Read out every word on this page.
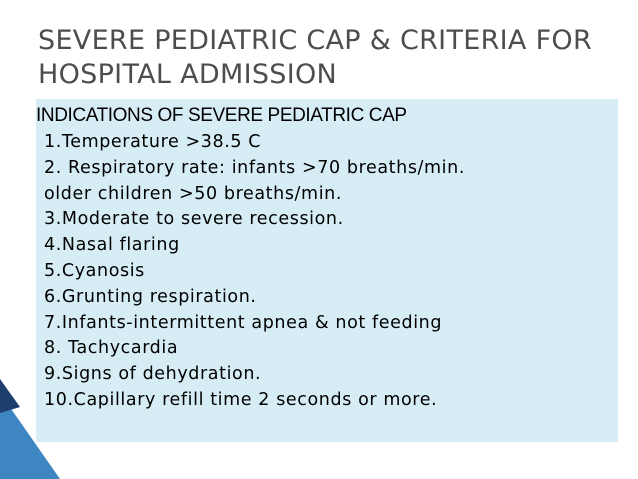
SEVERE PEDIATRIC CAP & CRITERIA FOR
HOSPITAL ADMISSION
INDICATIONS OF SEVERE PEDIATRIC CAP
1.Temperature >38.5 C
2. Respiratory rate: infants >70 breaths/min.
older children >50 breaths/min.
3.Moderate to severe recession.
4.Nasal flaring
5.Cyanosis
6.Grunting respiration.
7.Infants-intermittent apnea & not feeding
8. Tachycardia
9.Signs of dehydration.
10.Capillary refill time 2 seconds or more.
